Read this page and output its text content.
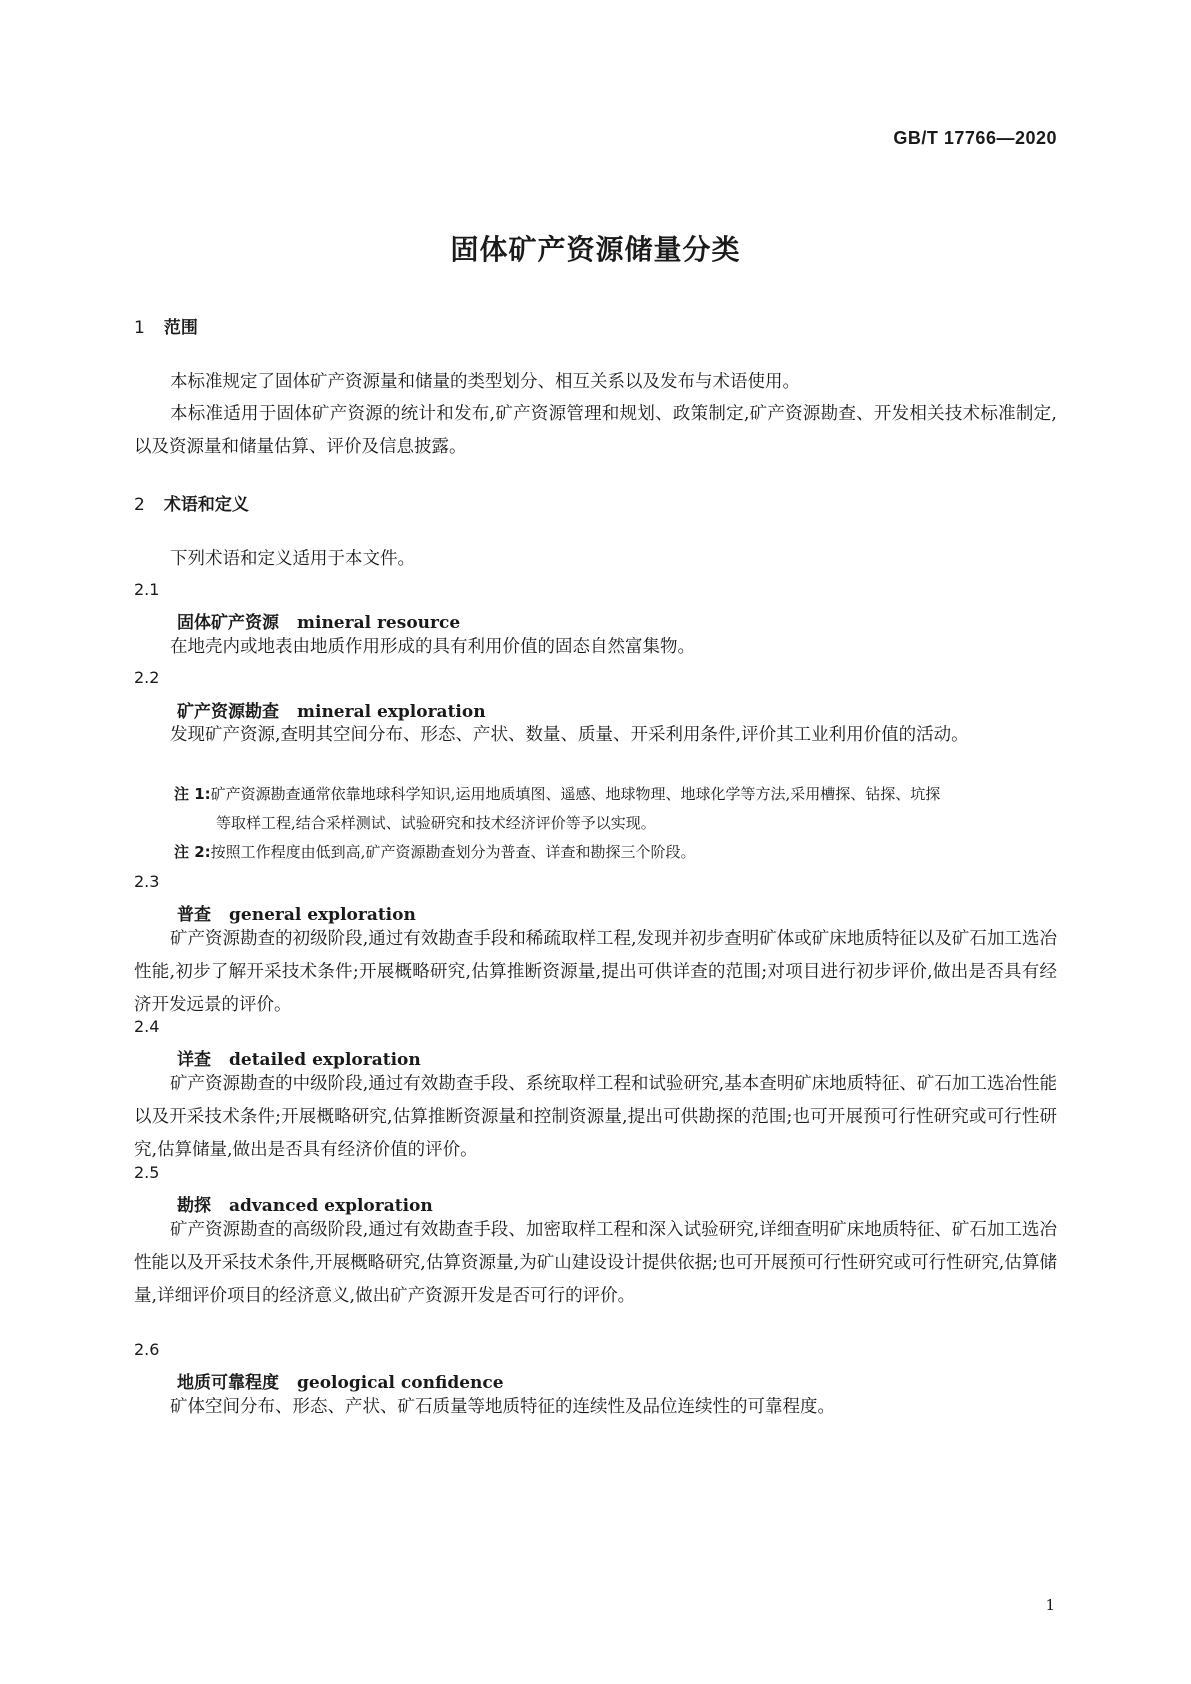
GB/T 17766—2020
固体矿产资源储量分类
1 范围
本标准规定了固体矿产资源量和储量的类型划分、相互关系以及发布与术语使用。
本标准适用于固体矿产资源的统计和发布,矿产资源管理和规划、政策制定,矿产资源勘查、开发相关技术标准制定,以及资源量和储量估算、评价及信息披露。
2 术语和定义
下列术语和定义适用于本文件。
2.1
固体矿产资源 mineral resource
在地壳内或地表由地质作用形成的具有利用价值的固态自然富集物。
2.2
矿产资源勘查 mineral exploration
发现矿产资源,查明其空间分布、形态、产状、数量、质量、开采利用条件,评价其工业利用价值的活动。
注 1:矿产资源勘查通常依靠地球科学知识,运用地质填图、遥感、地球物理、地球化学等方法,采用槽探、钻探、坑探
等取样工程,结合采样测试、试验研究和技术经济评价等予以实现。
注 2:按照工作程度由低到高,矿产资源勘查划分为普查、详查和勘探三个阶段。
2.3
普查 general exploration
矿产资源勘查的初级阶段,通过有效勘查手段和稀疏取样工程,发现并初步查明矿体或矿床地质特征以及矿石加工选冶性能,初步了解开采技术条件;开展概略研究,估算推断资源量,提出可供详查的范围;对项目进行初步评价,做出是否具有经济开发远景的评价。
2.4
详查 detailed exploration
矿产资源勘查的中级阶段,通过有效勘查手段、系统取样工程和试验研究,基本查明矿床地质特征、矿石加工选冶性能以及开采技术条件;开展概略研究,估算推断资源量和控制资源量,提出可供勘探的范围;也可开展预可行性研究或可行性研究,估算储量,做出是否具有经济价值的评价。
2.5
勘探 advanced exploration
矿产资源勘查的高级阶段,通过有效勘查手段、加密取样工程和深入试验研究,详细查明矿床地质特征、矿石加工选冶性能以及开采技术条件,开展概略研究,估算资源量,为矿山建设设计提供依据;也可开展预可行性研究或可行性研究,估算储量,详细评价项目的经济意义,做出矿产资源开发是否可行的评价。
2.6
地质可靠程度 geological confidence
矿体空间分布、形态、产状、矿石质量等地质特征的连续性及品位连续性的可靠程度。
1
